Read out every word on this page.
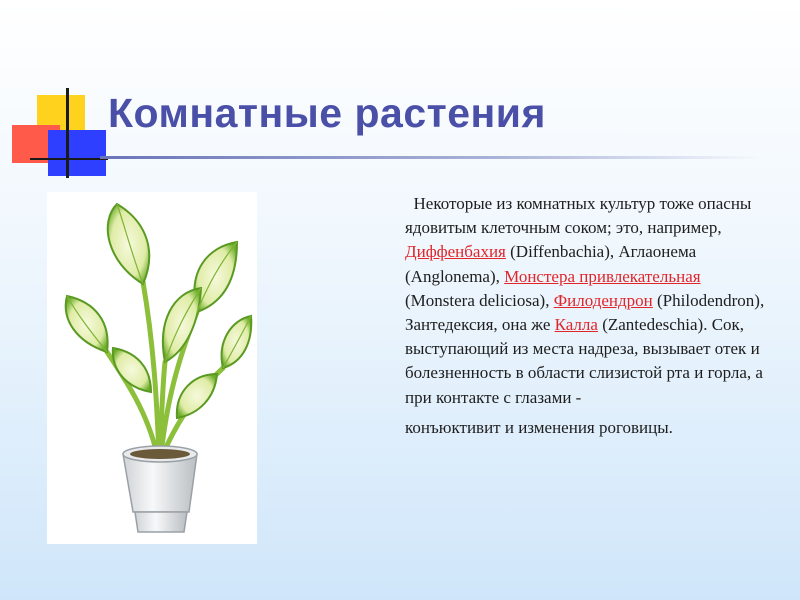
Комнатные растения

Некоторые из комнатных культур тоже опасны ядовитым клеточным соком; это, например, Диффенбахия (Diffenbachia), Аглаонема (Anglonema), Монстера привлекательная (Monstera deliciosa), Филодендрон (Philodendron), Зантедексия, она же Калла (Zantedeschia). Сок, выступающий из места надреза, вызывает отек и болезненность в области слизистой рта и горла, а при контакте с глазами -
конъюктивит и изменения роговицы.
